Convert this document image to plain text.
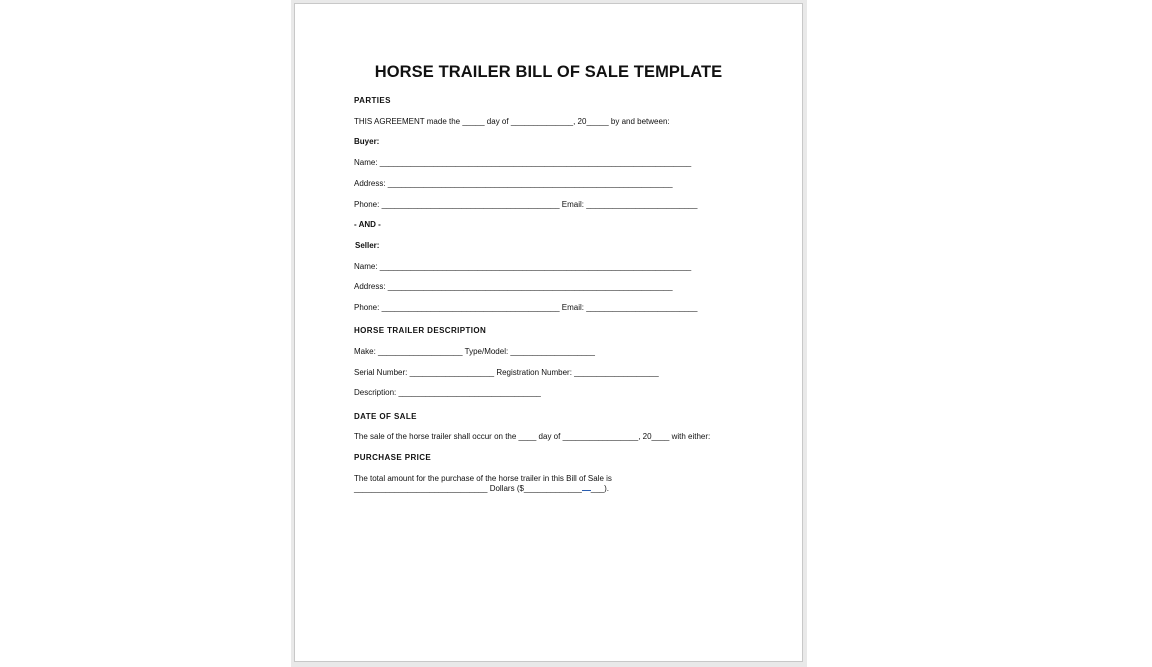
HORSE TRAILER BILL OF SALE TEMPLATE
PARTIES
THIS AGREEMENT made the _____ day of ______________, 20_____ by and between:
Buyer:
Name: ______________________________________________________________________
Address: ________________________________________________________________
Phone: ________________________________________ Email: _________________________
- AND -
Seller:
Name: ______________________________________________________________________
Address: ________________________________________________________________
Phone: ________________________________________ Email: _________________________
HORSE TRAILER DESCRIPTION
Make: ___________________ Type/Model: ___________________
Serial Number: ___________________ Registration Number: ___________________
Description: ________________________________
DATE OF SALE
The sale of the horse trailer shall occur on the ____ day of _________________, 20____ with either:
PURCHASE PRICE
The total amount for the purchase of the horse trailer in this Bill of Sale is
______________________________ Dollars ($_____________ ___).
